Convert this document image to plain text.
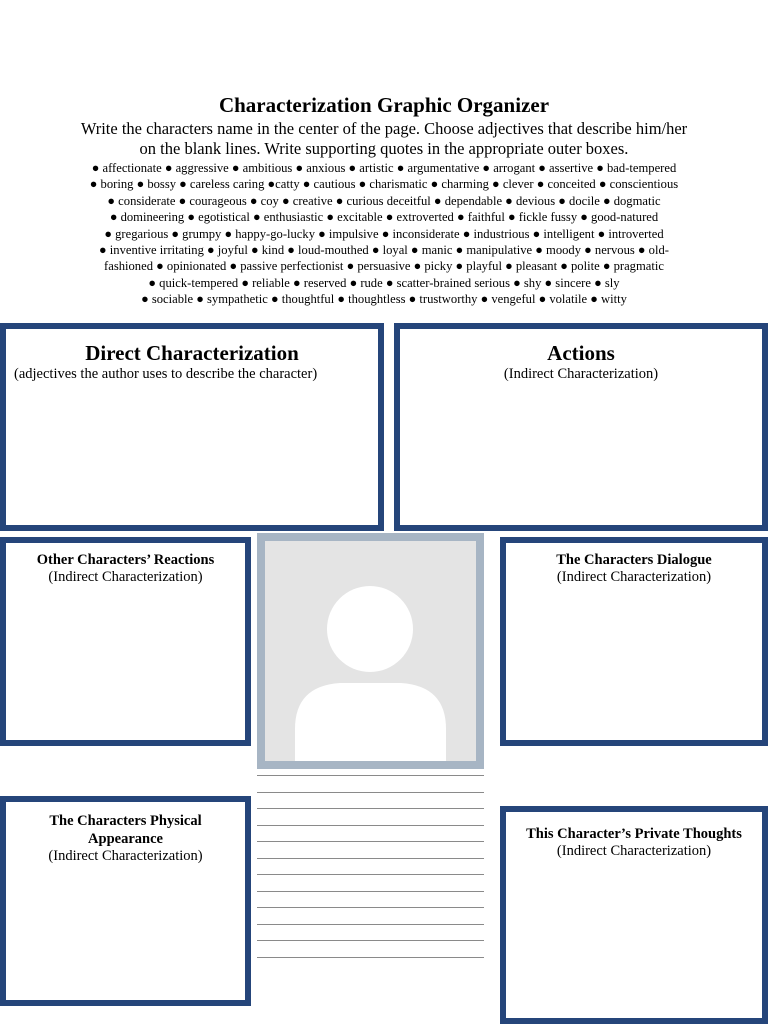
Characterization Graphic Organizer
Write the characters name in the center of the page. Choose adjectives that describe him/her
on the blank lines. Write supporting quotes in the appropriate outer boxes.
● affectionate ● aggressive ● ambitious ● anxious ● artistic ● argumentative ● arrogant ● assertive ● bad-tempered
● boring ● bossy ● careless caring ●catty ● cautious ● charismatic ● charming ● clever ● conceited ● conscientious
● considerate ● courageous ● coy ● creative ● curious deceitful ● dependable ● devious ● docile ● dogmatic
● domineering ● egotistical ● enthusiastic ● excitable ● extroverted ● faithful ● fickle fussy ● good-natured
● gregarious ● grumpy ● happy-go-lucky ● impulsive ● inconsiderate ● industrious ● intelligent ● introverted
● inventive irritating ● joyful ● kind ● loud-mouthed ● loyal ● manic ● manipulative ● moody ● nervous ● old-
fashioned ● opinionated ● passive perfectionist ● persuasive ● picky ● playful ● pleasant ● polite ● pragmatic
● quick-tempered ● reliable ● reserved ● rude ● scatter-brained serious ● shy ● sincere ● sly
● sociable ● sympathetic ● thoughtful ● thoughtless ● trustworthy ● vengeful ● volatile ● witty
Direct Characterization
(adjectives the author uses to describe the character)
Actions
(Indirect Characterization)
Other Characters’ Reactions
(Indirect Characterization)
The Characters Dialogue
(Indirect Characterization)
The Characters Physical
Appearance
(Indirect Characterization)
This Character’s Private Thoughts
(Indirect Characterization)
